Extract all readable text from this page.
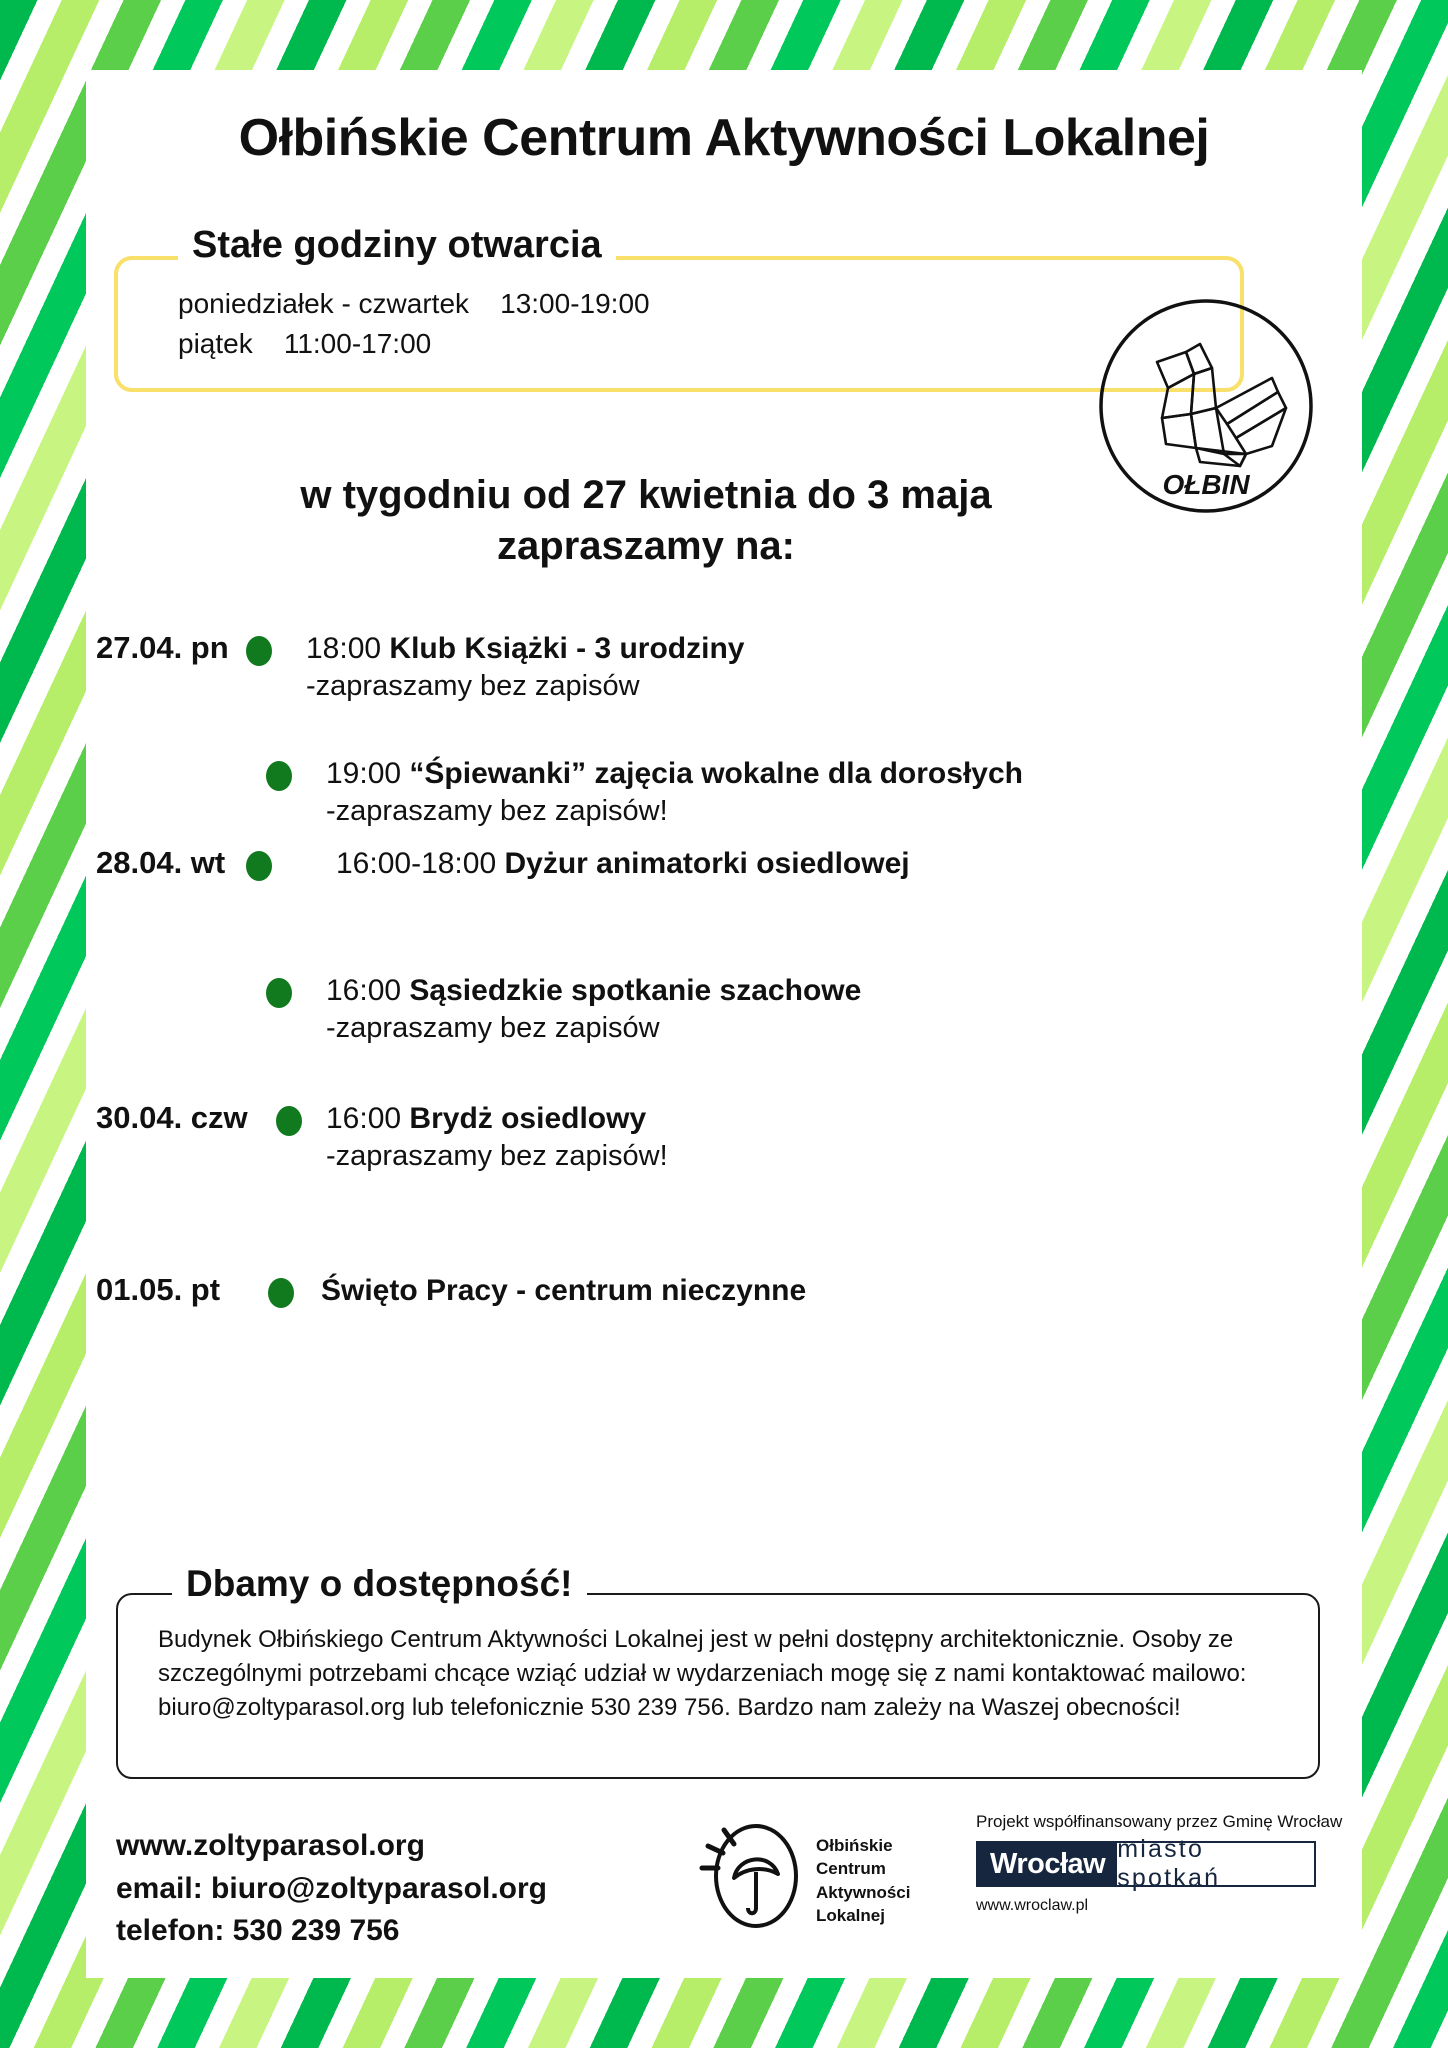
Ołbińskie Centrum Aktywności Lokalnej
Stałe godziny otwarcia
poniedziałek - czwartek    13:00-19:00
piątek    11:00-17:00
OŁBIN
w tygodniu od 27 kwietnia do 3 maja
zapraszamy na:
27.04. pn	18:00 Klub Książki - 3 urodziny
-zapraszamy bez zapisów
19:00 “Śpiewanki” zajęcia wokalne dla dorosłych
-zapraszamy bez zapisów!
28.04. wt	16:00-18:00 Dyżur animatorki osiedlowej
16:00 Sąsiedzkie spotkanie szachowe
-zapraszamy bez zapisów
30.04. czw	16:00 Brydż osiedlowy
-zapraszamy bez zapisów!
01.05. pt	Święto Pracy - centrum nieczynne
Dbamy o dostępność!
Budynek Ołbińskiego Centrum Aktywności Lokalnej jest w pełni dostępny architektonicznie. Osoby ze szczególnymi potrzebami chcące wziąć udział w wydarzeniach mogę się z nami kontaktować mailowo: biuro@zoltyparasol.org lub telefonicznie 530 239 756. Bardzo nam zależy na Waszej obecności!
www.zoltyparasol.org
email: biuro@zoltyparasol.org
telefon: 530 239 756
Ołbińskie
Centrum
Aktywności
Lokalnej
Projekt współfinansowany przez Gminę Wrocław
Wrocław miasto spotkań
www.wroclaw.pl
